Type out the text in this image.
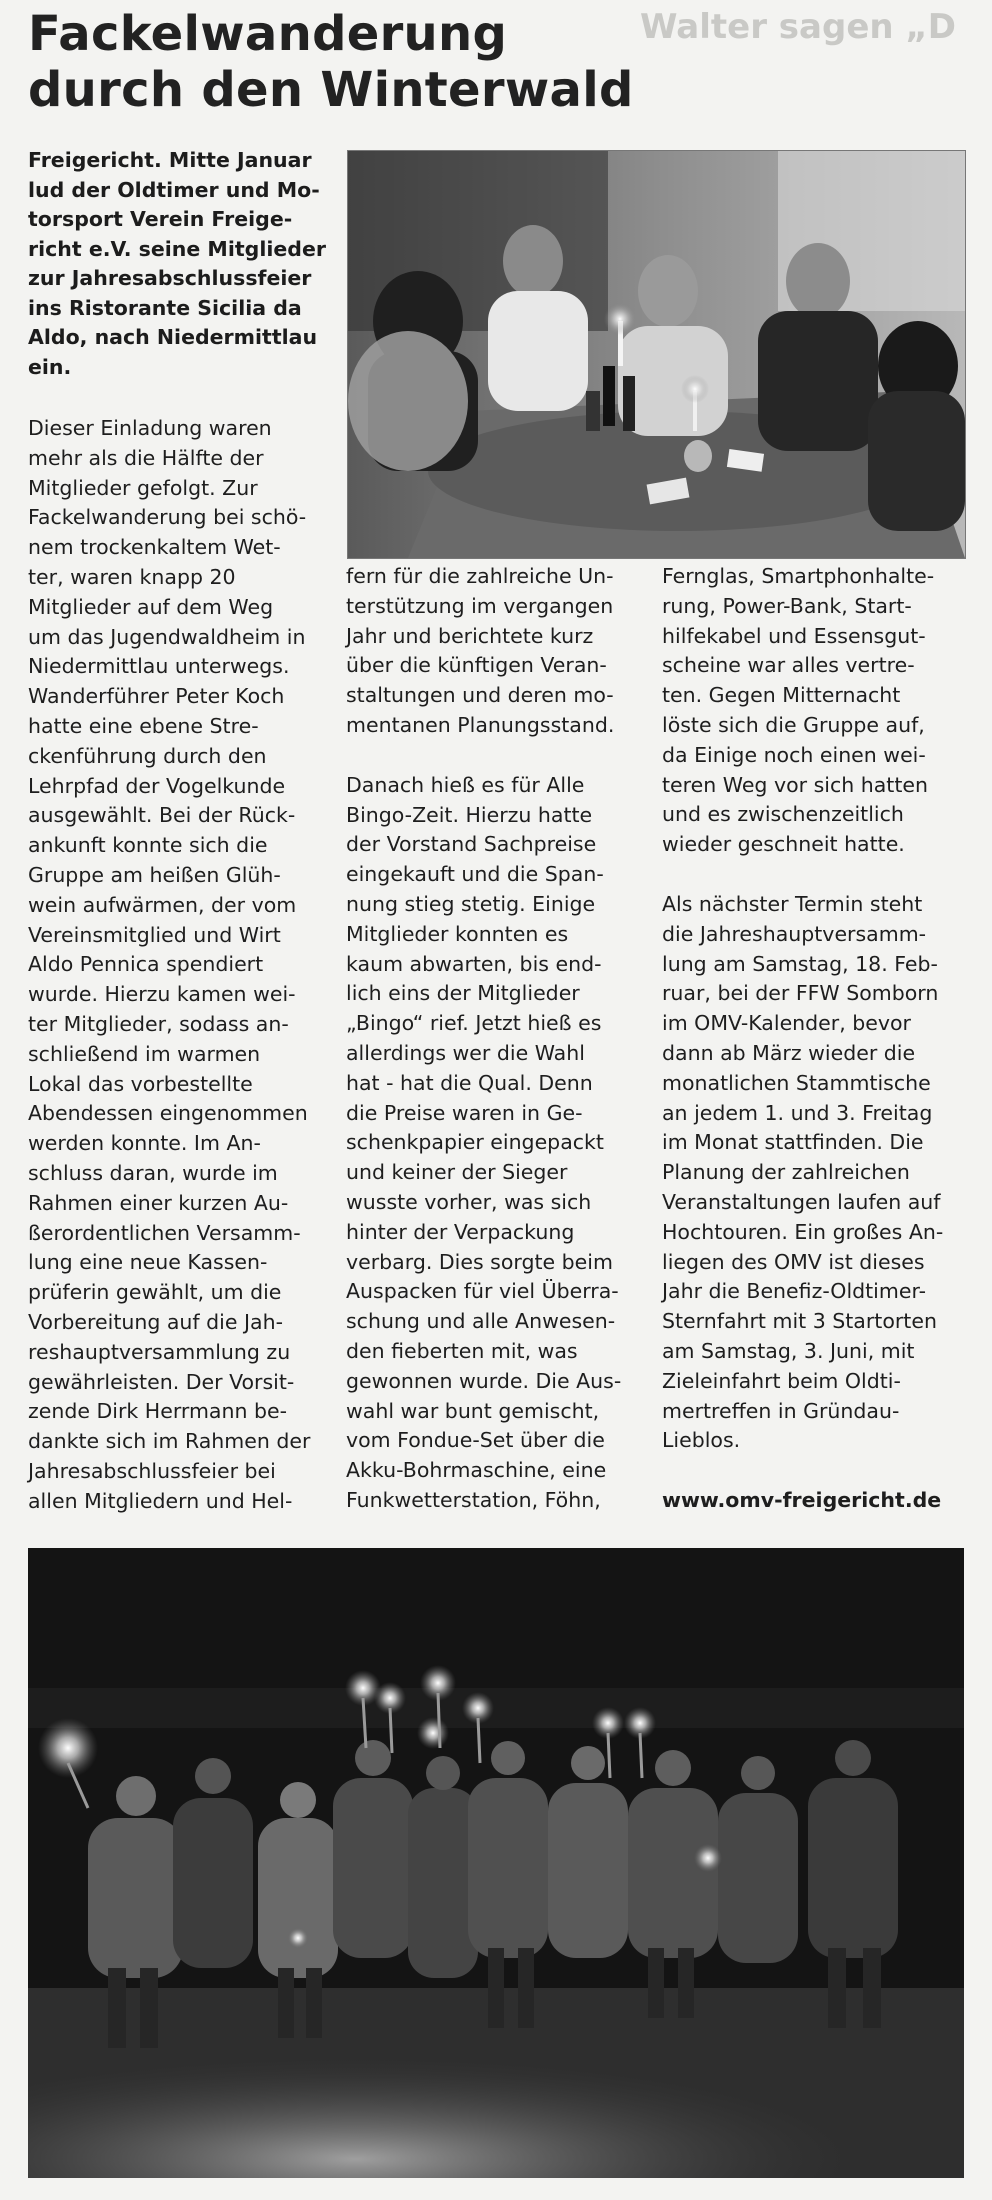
Walter sagen „D
Fackelwanderung
durch den Winterwald

Freigericht. Mitte Januar
lud der Oldtimer und Mo-
torsport Verein Freige-
richt e.V. seine Mitglieder
zur Jahresabschlussfeier
ins Ristorante Sicilia da
Aldo, nach Niedermittlau
ein.

Dieser Einladung waren
mehr als die Hälfte der
Mitglieder gefolgt. Zur
Fackelwanderung bei schö-
nem trockenkaltem Wet-
ter, waren knapp 20
Mitglieder auf dem Weg
um das Jugendwaldheim in
Niedermittlau unterwegs.
Wanderführer Peter Koch
hatte eine ebene Stre-
ckenführung durch den
Lehrpfad der Vogelkunde
ausgewählt. Bei der Rück-
ankunft konnte sich die
Gruppe am heißen Glüh-
wein aufwärmen, der vom
Vereinsmitglied und Wirt
Aldo Pennica spendiert
wurde. Hierzu kamen wei-
ter Mitglieder, sodass an-
schließend im warmen
Lokal das vorbestellte
Abendessen eingenommen
werden konnte. Im An-
schluss daran, wurde im
Rahmen einer kurzen Au-
ßerordentlichen Versamm-
lung eine neue Kassen-
prüferin gewählt, um die
Vorbereitung auf die Jah-
reshauptversammlung zu
gewährleisten. Der Vorsit-
zende Dirk Herrmann be-
dankte sich im Rahmen der
Jahresabschlussfeier bei
allen Mitgliedern und Hel-

fern für die zahlreiche Un-
terstützung im vergangen
Jahr und berichtete kurz
über die künftigen Veran-
staltungen und deren mo-
mentanen Planungsstand.

Danach hieß es für Alle
Bingo-Zeit. Hierzu hatte
der Vorstand Sachpreise
eingekauft und die Span-
nung stieg stetig. Einige
Mitglieder konnten es
kaum abwarten, bis end-
lich eins der Mitglieder
„Bingo“ rief. Jetzt hieß es
allerdings wer die Wahl
hat - hat die Qual. Denn
die Preise waren in Ge-
schenkpapier eingepackt
und keiner der Sieger
wusste vorher, was sich
hinter der Verpackung
verbarg. Dies sorgte beim
Auspacken für viel Überra-
schung und alle Anwesen-
den fieberten mit, was
gewonnen wurde. Die Aus-
wahl war bunt gemischt,
vom Fondue-Set über die
Akku-Bohrmaschine, eine
Funkwetterstation, Föhn,

Fernglas, Smartphonhalte-
rung, Power-Bank, Start-
hilfekabel und Essensgut-
scheine war alles vertre-
ten. Gegen Mitternacht
löste sich die Gruppe auf,
da Einige noch einen wei-
teren Weg vor sich hatten
und es zwischenzeitlich
wieder geschneit hatte.

Als nächster Termin steht
die Jahreshauptversamm-
lung am Samstag, 18. Feb-
ruar, bei der FFW Somborn
im OMV-Kalender, bevor
dann ab März wieder die
monatlichen Stammtische
an jedem 1. und 3. Freitag
im Monat stattfinden. Die
Planung der zahlreichen
Veranstaltungen laufen auf
Hochtouren. Ein großes An-
liegen des OMV ist dieses
Jahr die Benefiz-Oldtimer-
Sternfahrt mit 3 Startorten
am Samstag, 3. Juni, mit
Zieleinfahrt beim Oldti-
mertreffen in Gründau-
Lieblos.

www.omv-freigericht.de
